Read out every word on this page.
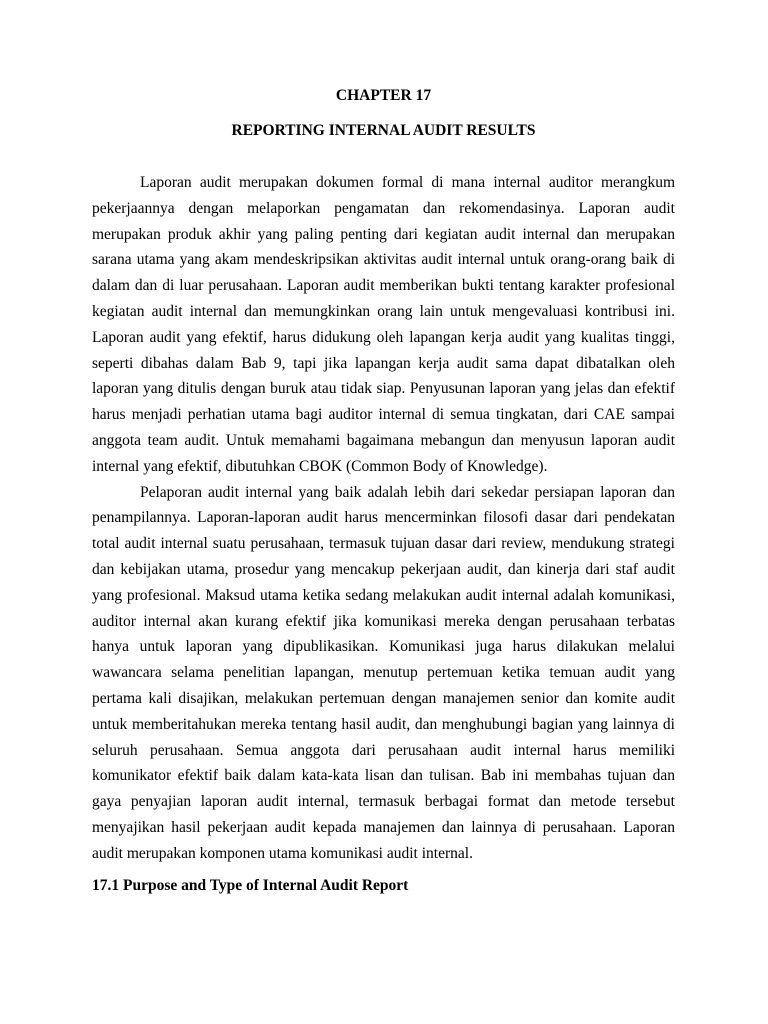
CHAPTER 17
REPORTING INTERNAL AUDIT RESULTS

Laporan audit merupakan dokumen formal di mana internal auditor merangkum pekerjaannya dengan melaporkan pengamatan dan rekomendasinya. Laporan audit merupakan produk akhir yang paling penting dari kegiatan audit internal dan merupakan sarana utama yang akam mendeskripsikan aktivitas audit internal untuk orang-orang baik di dalam dan di luar perusahaan. Laporan audit memberikan bukti tentang karakter profesional kegiatan audit internal dan memungkinkan orang lain untuk mengevaluasi kontribusi ini. Laporan audit yang efektif, harus didukung oleh lapangan kerja audit yang kualitas tinggi, seperti dibahas dalam Bab 9, tapi jika lapangan kerja audit sama dapat dibatalkan oleh laporan yang ditulis dengan buruk atau tidak siap. Penyusunan laporan yang jelas dan efektif harus menjadi perhatian utama bagi auditor internal di semua tingkatan, dari CAE sampai anggota team audit. Untuk memahami bagaimana mebangun dan menyusun laporan audit internal yang efektif, dibutuhkan CBOK (Common Body of Knowledge).

Pelaporan audit internal yang baik adalah lebih dari sekedar persiapan laporan dan penampilannya. Laporan-laporan audit harus mencerminkan filosofi dasar dari pendekatan total audit internal suatu perusahaan, termasuk tujuan dasar dari review, mendukung strategi dan kebijakan utama, prosedur yang mencakup pekerjaan audit, dan kinerja dari staf audit yang profesional. Maksud utama ketika sedang melakukan audit internal adalah komunikasi, auditor internal akan kurang efektif jika komunikasi mereka dengan perusahaan terbatas hanya untuk laporan yang dipublikasikan. Komunikasi juga harus dilakukan melalui wawancara selama penelitian lapangan, menutup pertemuan ketika temuan audit yang pertama kali disajikan, melakukan pertemuan dengan manajemen senior dan komite audit untuk memberitahukan mereka tentang hasil audit, dan menghubungi bagian yang lainnya di seluruh perusahaan. Semua anggota dari perusahaan audit internal harus memiliki komunikator efektif baik dalam kata-kata lisan dan tulisan. Bab ini membahas tujuan dan gaya penyajian laporan audit internal, termasuk berbagai format dan metode tersebut menyajikan hasil pekerjaan audit kepada manajemen dan lainnya di perusahaan. Laporan audit merupakan komponen utama komunikasi audit internal.

17.1 Purpose and Type of Internal Audit Report
